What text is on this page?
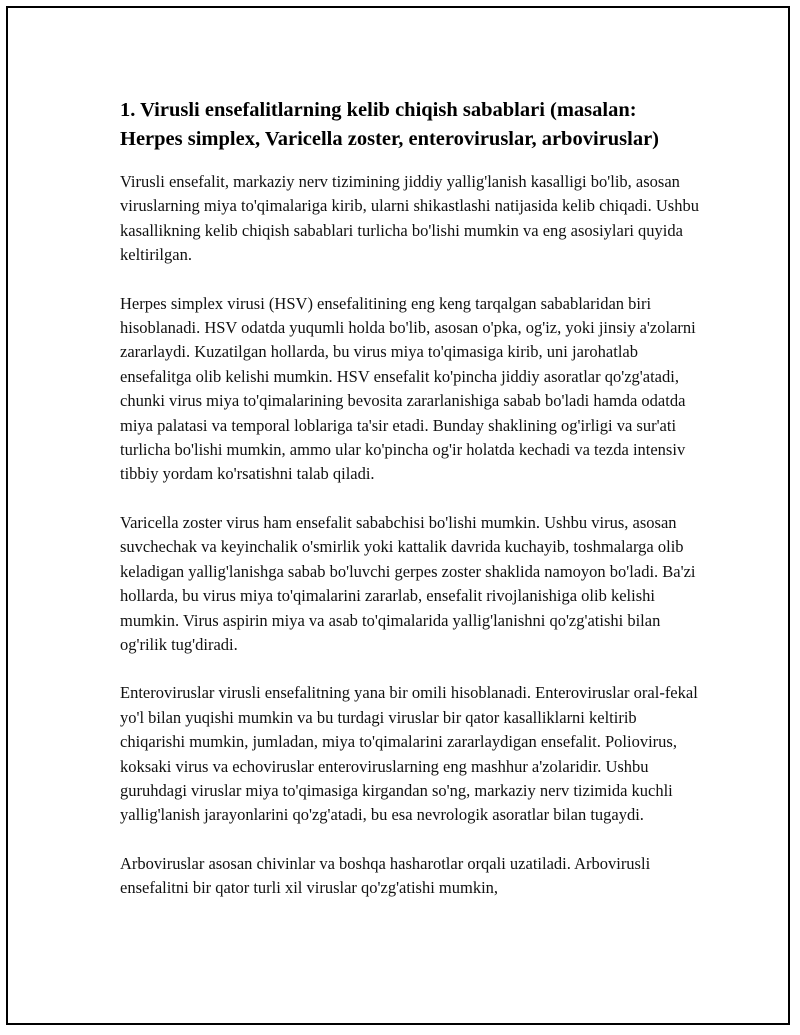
1. Virusli ensefalitlarning kelib chiqish sabablari (masalan: Herpes simplex, Varicella zoster, enteroviruslar, arboviruslar)

Virusli ensefalit, markaziy nerv tizimining jiddiy yallig'lanish kasalligi bo'lib, asosan viruslarning miya to'qimalariga kirib, ularni shikastlashi natijasida kelib chiqadi. Ushbu kasallikning kelib chiqish sabablari turlicha bo'lishi mumkin va eng asosiylari quyida keltirilgan.

Herpes simplex virusi (HSV) ensefalitining eng keng tarqalgan sabablaridan biri hisoblanadi. HSV odatda yuqumli holda bo'lib, asosan o'pka, og'iz, yoki jinsiy a'zolarni zararlaydi. Kuzatilgan hollarda, bu virus miya to'qimasiga kirib, uni jarohatlab ensefalitga olib kelishi mumkin. HSV ensefalit ko'pincha jiddiy asoratlar qo'zg'atadi, chunki virus miya to'qimalarining bevosita zararlanishiga sabab bo'ladi hamda odatda miya palatasi va temporal loblariga ta'sir etadi. Bunday shaklining og'irligi va sur'ati turlicha bo'lishi mumkin, ammo ular ko'pincha og'ir holatda kechadi va tezda intensiv tibbiy yordam ko'rsatishni talab qiladi.

Varicella zoster virus ham ensefalit sababchisi bo'lishi mumkin. Ushbu virus, asosan suvchechak va keyinchalik o'smirlik yoki kattalik davrida kuchayib, toshmalarga olib keladigan yallig'lanishga sabab bo'luvchi gerpes zoster shaklida namoyon bo'ladi. Ba'zi hollarda, bu virus miya to'qimalarini zararlab, ensefalit rivojlanishiga olib kelishi mumkin. Virus aspirin miya va asab to'qimalarida yallig'lanishni qo'zg'atishi bilan og'rilik tug'diradi.

Enteroviruslar virusli ensefalitning yana bir omili hisoblanadi. Enteroviruslar oral-fekal yo'l bilan yuqishi mumkin va bu turdagi viruslar bir qator kasalliklarni keltirib chiqarishi mumkin, jumladan, miya to'qimalarini zararlaydigan ensefalit. Poliovirus, koksaki virus va echoviruslar enteroviruslarning eng mashhur a'zolaridir. Ushbu guruhdagi viruslar miya to'qimasiga kirgandan so'ng, markaziy nerv tizimida kuchli yallig'lanish jarayonlarini qo'zg'atadi, bu esa nevrologik asoratlar bilan tugaydi.

Arboviruslar asosan chivinlar va boshqa hasharotlar orqali uzatiladi. Arbovirusli ensefalitni bir qator turli xil viruslar qo'zg'atishi mumkin,
